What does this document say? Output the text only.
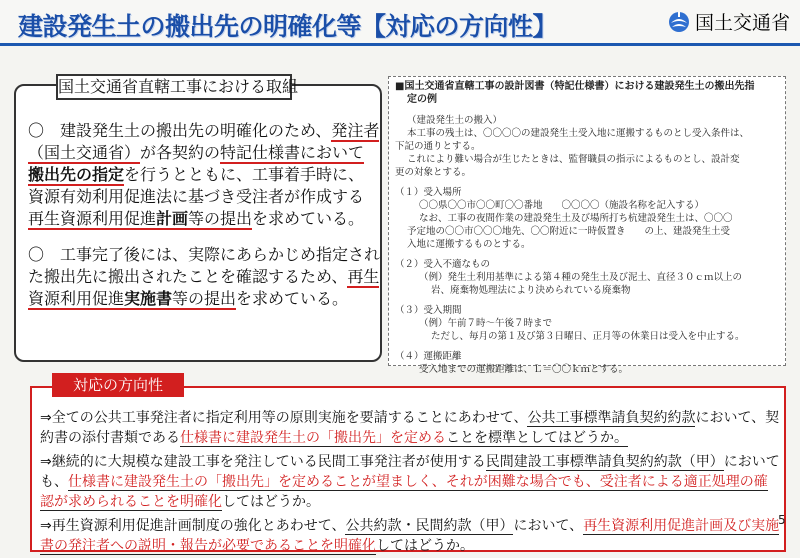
建設発生土の搬出先の明確化等【対応の方向性】	国土交通省
国土交通省直轄工事における取組

〇　建設発生土の搬出先の明確化のため、発注者（国土交通省）が各契約の特記仕様書において搬出先の指定を行うとともに、工事着手時に、資源有効利用促進法に基づき受注者が作成する再生資源利用促進計画等の提出を求めている。

〇　工事完了後には、実際にあらかじめ指定された搬出先に搬出されたことを確認するため、再生資源利用促進実施書等の提出を求めている。

■国土交通省直轄工事の設計図書（特記仕様書）における建設発生土の搬出先指
定の例
（建設発生土の搬入）
本工事の残土は、〇〇〇〇の建設発生土受入地に運搬するものとし受入条件は、
下記の通りとする。
これにより難い場合が生じたときは、監督職員の指示によるものとし、設計変
更の対象とする。
（１）受入場所
〇〇県〇〇市〇〇町〇〇番地　　〇〇〇〇（施設名称を記入する）
なお、工事の夜間作業の建設発生土及び場所打ち杭建設発生土は、〇〇〇
予定地の〇〇市〇〇〇地先、〇〇附近に一時仮置き　　の上、建設発生土受
入地に運搬するものとする。
（２）受入不適なもの
（例）発生土利用基準による第４種の発生土及び泥土、直径３０ｃｍ以上の
岩、廃棄物処理法により決められている廃棄物
（３）受入期間
（例）午前７時～午後７時まで
ただし、毎月の第１及び第３日曜日、正月等の休業日は受入を中止する。
（４）運搬距離
受入地までの運搬距離は、Ｌ＝〇〇ｋｍとする。

⇒全ての公共工事発注者に指定利用等の原則実施を要請することにあわせて、公共工事標準請負契約約款において、契約書の添付書類である仕様書に建設発生土の「搬出先」を定めることを標準としてはどうか。

⇒継続的に大規模な建設工事を発注している民間工事発注者が使用する民間建設工事標準請負契約約款（甲）においても、仕様書に建設発生土の「搬出先」を定めることが望ましく、それが困難な場合でも、受注者による適正処理の確認が求められることを明確化してはどうか。

⇒再生資源利用促進計画制度の強化とあわせて、公共約款・民間約款（甲）において、再生資源利用促進計画及び実施書の発注者への説明・報告が必要であることを明確化してはどうか。

対応の方向性
5
